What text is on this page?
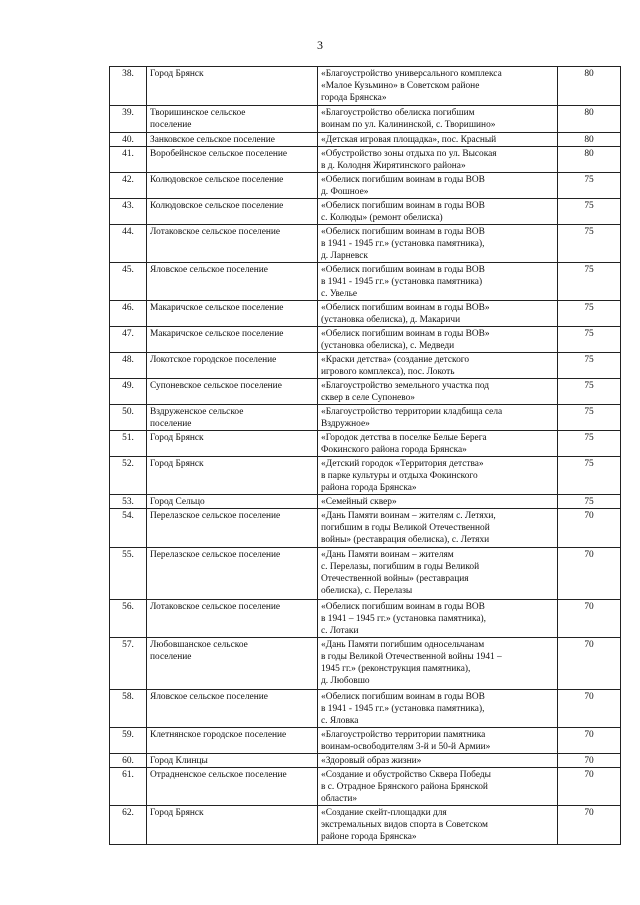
3
38.	Город Брянск	«Благоустройство универсального комплекса
«Малое Кузьмино» в Советском районе
города Брянска»	80
39.	Творишинское сельское
поселение	«Благоустройство обелиска погибшим
воинам по ул. Калининской, с. Творишино»	80
40.	Занковское сельское поселение	«Детская игровая площадка», пос. Красный	80
41.	Воробейнское сельское поселение	«Обустройство зоны отдыха по ул. Высокая
в д. Колодня Жирятинского района»	80
42.	Колюдовское сельское поселение	«Обелиск погибшим воинам в годы ВОВ
д. Фошное»	75
43.	Колюдовское сельское поселение	«Обелиск погибшим воинам в годы ВОВ
с. Колюды» (ремонт обелиска)	75
44.	Лотаковское сельское поселение	«Обелиск погибшим воинам в годы ВОВ
в 1941 - 1945 гг.» (установка памятника),
д. Ларневск	75
45.	Яловское сельское поселение	«Обелиск погибшим воинам в годы ВОВ
в 1941 - 1945 гг.» (установка памятника)
с. Увелье	75
46.	Макаричское сельское поселение	«Обелиск погибшим воинам в годы ВОВ»
(установка обелиска), д. Макаричи	75
47.	Макаричское сельское поселение	«Обелиск погибшим воинам в годы ВОВ»
(установка обелиска), с. Медведи	75
48.	Локотское городское поселение	«Краски детства» (создание детского
игрового комплекса), пос. Локоть	75
49.	Супоневское сельское поселение	«Благоустройство земельного участка под
сквер в селе Супонево»	75
50.	Вздруженское сельское
поселение	«Благоустройство территории кладбища села
Вздружное»	75
51.	Город Брянск	«Городок детства в поселке Белые Берега
Фокинского района города Брянска»	75
52.	Город Брянск	«Детский городок «Территория детства»
в парке культуры и отдыха Фокинского
района города Брянска»	75
53.	Город Сельцо	«Семейный сквер»	75
54.	Перелазское сельское поселение	«Дань Памяти воинам – жителям с. Летяхи,
погибшим в годы Великой Отечественной
войны» (реставрация обелиска), с. Летяхи	70
55.	Перелазское сельское поселение	«Дань Памяти воинам – жителям
с. Перелазы, погибшим в годы Великой
Отечественной войны» (реставрация
обелиска), с. Перелазы	70
56.	Лотаковское сельское поселение	«Обелиск погибшим воинам в годы ВОВ
в 1941 – 1945 гг.» (установка памятника),
с. Лотаки	70
57.	Любовшанское сельское
поселение	«Дань Памяти погибшим односельчанам
в годы Великой Отечественной войны 1941 –
1945 гг.» (реконструкция памятника),
д. Любовшо	70
58.	Яловское сельское поселение	«Обелиск погибшим воинам в годы ВОВ
в 1941 - 1945 гг.» (установка памятника),
с. Яловка	70
59.	Клетнянское городское поселение	«Благоустройство территории памятника
воинам-освободителям 3-й и 50-й Армии»	70
60.	Город Клинцы	«Здоровый образ жизни»	70
61.	Отрадненское сельское поселение	«Создание и обустройство Сквера Победы
в с. Отрадное Брянского района Брянской
области»	70
62.	Город Брянск	«Создание скейт-площадки для
экстремальных видов спорта в Советском
районе города Брянска»	70
